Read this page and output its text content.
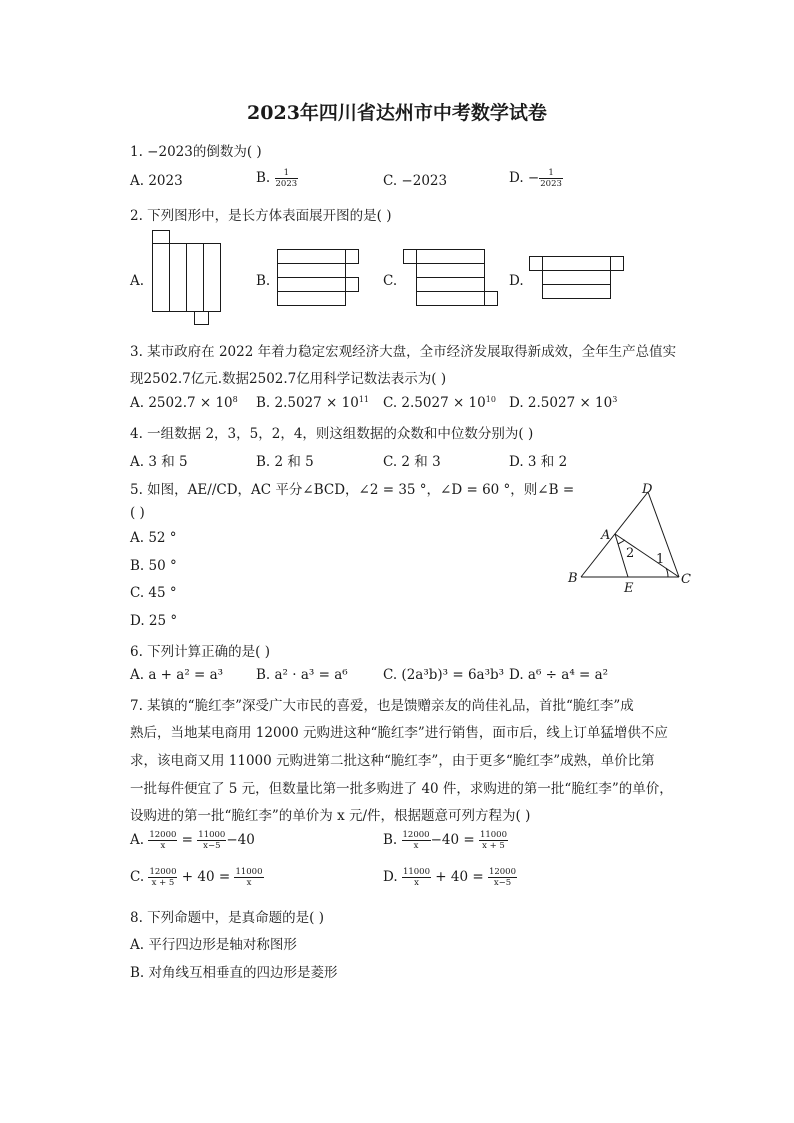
2023年四川省达州市中考数学试卷
1. −2023的倒数为( )
A. 2023	B. $\frac{1}{2023}$	C. −2023	D. − $\frac{1}{2023}$
2. 下列图形中，是长方体表面展开图的是( )
A.	B.	C.	D.
3. 某市政府在 2022 年着力稳定宏观经济大盘，全市经济发展取得新成效，全年生产总值实
现2502.7亿元.数据2502.7亿用科学记数法表示为( )
A. $2502.7 \times 10^8$ B. $2.5027 \times 10^{11}$ C. $2.5027 \times 10^{10}$ D. $2.5027 \times 10^3$
4. 一组数据 2，3，5，2，4，则这组数据的众数和中位数分别为( )
A. 3 和 5	B. 2 和 5	C. 2 和 3	D. 3 和 2
5. 如图，AE//CD，AC 平分∠BCD，∠2 = 35 °，∠D = 60 °，则∠B =
( )
A. 52 °
B. 50 °
C. 45 °
D. 25 °
D
A
B	C
E
1
2
6. 下列计算正确的是( )
A. a + a² = a³ B. a² · a³ = a⁶	C. (2a³b)³ = 6a³b³ D. a⁶ ÷ a⁴ = a²
7. 某镇的“脆红李”深受广大市民的喜爱，也是馈赠亲友的尚佳礼品，首批“脆红李”成
熟后，当地某电商用 12000 元购进这种“脆红李”进行销售，面市后，线上订单猛增供不应
求，该电商又用 11000 元购进第二批这种“脆红李”，由于更多“脆红李”成熟，单价比第
一批每件便宜了 5 元，但数量比第一批多购进了 40 件，求购进的第一批“脆红李”的单价，
设购进的第一批“脆红李”的单价为 x 元/件，根据题意可列方程为( )
A. $\frac{12000}{x} = \frac{11000}{x-5} -40$	B. $\frac{12000}{x} -40 = \frac{11000}{x + 5}$
C. $\frac{12000}{x + 5} + 40 = \frac{11000}{x}$	D. $\frac{11000}{x} + 40 = \frac{12000}{x-5}$
8. 下列命题中，是真命题的是( )
A. 平行四边形是轴对称图形
B. 对角线互相垂直的四边形是菱形
